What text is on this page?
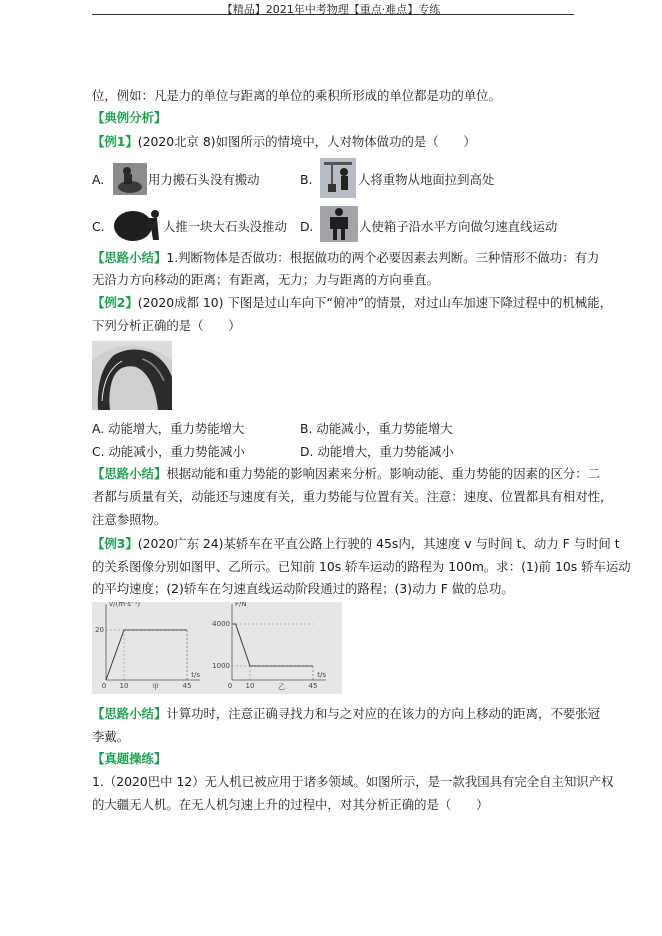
【精品】2021年中考物理【重点·难点】专练
位，例如：凡是力的单位与距离的单位的乘积所形成的单位都是功的单位。
【典例分析】
【例1】(2020北京 8)如图所示的情境中，人对物体做功的是（　　）
A.	用力搬石头没有搬动	B.	人将重物从地面拉到高处
C.	人推一块大石头没推动 D.	人使箱子沿水平方向做匀速直线运动
【思路小结】1.判断物体是否做功：根据做功的两个必要因素去判断。三种情形不做功：有力
无沿力方向移动的距离；有距离，无力；力与距离的方向垂直。
【例2】(2020成都 10) 下图是过山车向下“俯冲”的情景，对过山车加速下降过程中的机械能，
下列分析正确的是（　　）
A. 动能增大，重力势能增大	B. 动能减小，重力势能增大
C. 动能减小，重力势能减小	D. 动能增大，重力势能减小
【思路小结】根据动能和重力势能的影响因素来分析。影响动能、重力势能的因素的区分：二
者都与质量有关，动能还与速度有关，重力势能与位置有关。注意：速度、位置都具有相对性，
注意参照物。
【例3】(2020广东 24)某轿车在平直公路上行驶的 45s内，其速度 v 与时间 t、动力 F 与时间 t
的关系图像分别如图甲、乙所示。已知前 10s 轿车运动的路程为 100m。求：(1)前 10s 轿车运动
的平均速度；(2)轿车在匀速直线运动阶段通过的路程；(3)动力 F 做的总功。
v/(m·s⁻¹)
t/s
20
0 10	45
甲
F/N
t/s
4000
1000
0 10	45
乙
【思路小结】计算功时，注意正确寻找力和与之对应的在该力的方向上移动的距离，不要张冠
李戴。
【真题操练】
1.（2020巴中 12）无人机已被应用于诸多领域。如图所示，是一款我国具有完全自主知识产权
的大疆无人机。在无人机匀速上升的过程中，对其分析正确的是（　　）
